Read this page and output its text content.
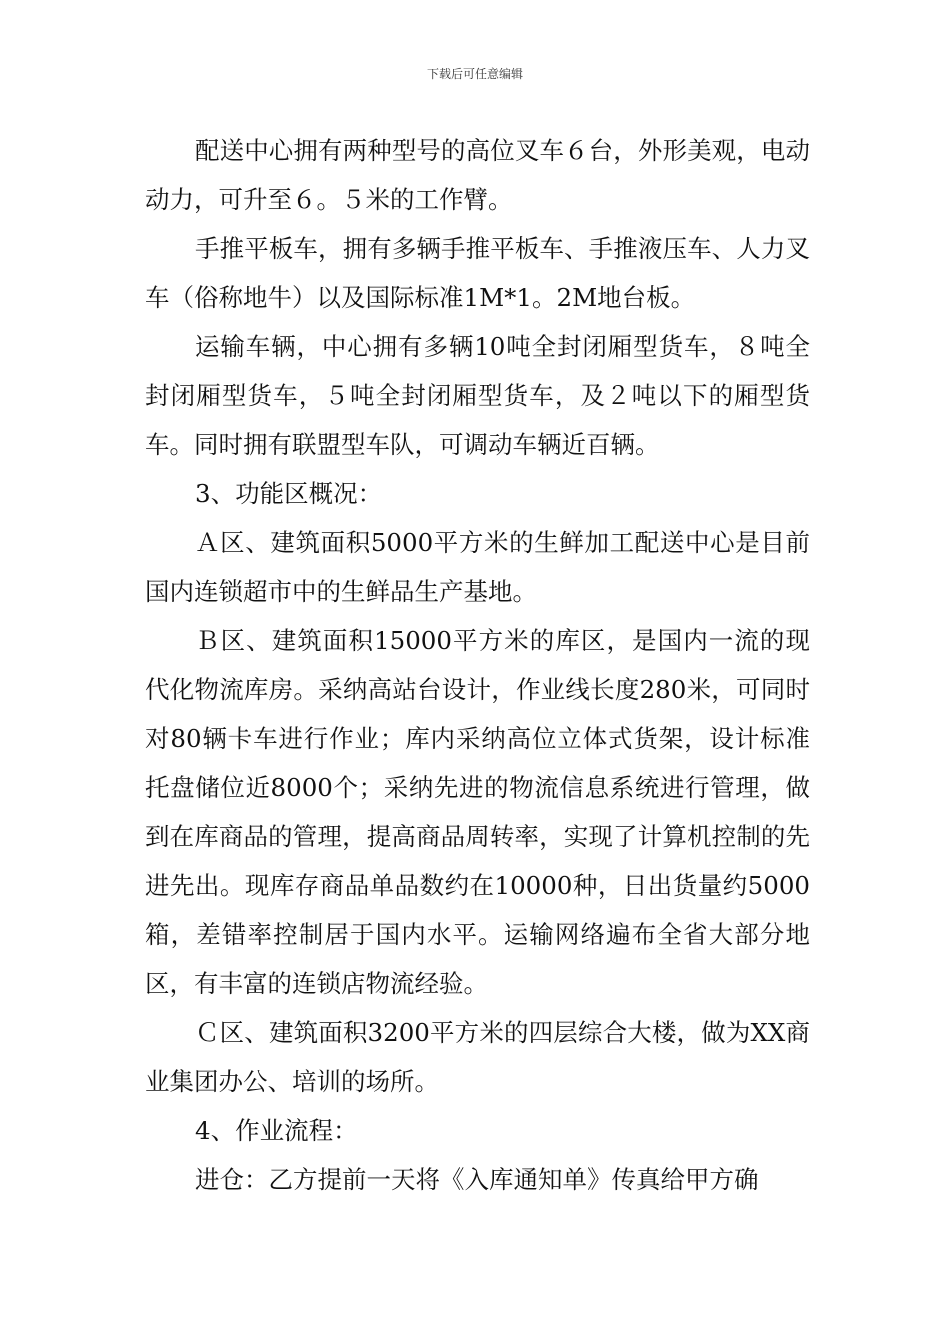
下载后可任意编辑

配送中心拥有两种型号的高位叉车６台，外形美观，电动动力，可升至６。５米的工作臂。

手推平板车，拥有多辆手推平板车、手推液压车、人力叉车（俗称地牛）以及国际标准1M*1。2M地台板。

运输车辆，中心拥有多辆10吨全封闭厢型货车，８吨全封闭厢型货车，５吨全封闭厢型货车，及２吨以下的厢型货车。同时拥有联盟型车队，可调动车辆近百辆。

3、功能区概况：

Ａ区、建筑面积5000平方米的生鲜加工配送中心是目前国内连锁超市中的生鲜品生产基地。

Ｂ区、建筑面积15000平方米的库区，是国内一流的现代化物流库房。采纳高站台设计，作业线长度280米，可同时对80辆卡车进行作业；库内采纳高位立体式货架，设计标准托盘储位近8000个；采纳先进的物流信息系统进行管理，做到在库商品的管理，提高商品周转率，实现了计算机控制的先进先出。现库存商品单品数约在10000种，日出货量约5000箱，差错率控制居于国内水平。运输网络遍布全省大部分地区，有丰富的连锁店物流经验。

Ｃ区、建筑面积3200平方米的四层综合大楼，做为XX商业集团办公、培训的场所。

4、作业流程：

进仓：乙方提前一天将《入库通知单》传真给甲方确
